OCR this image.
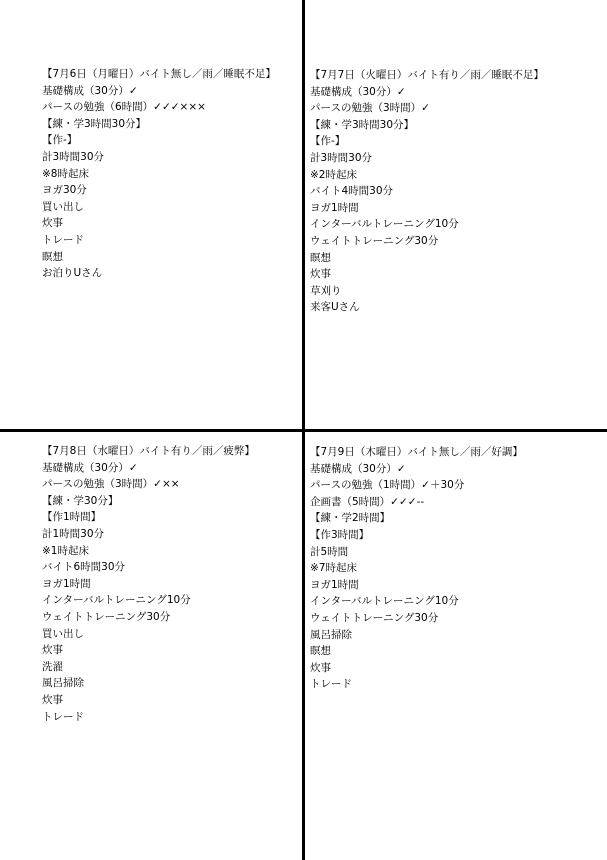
【7月6日（月曜日）バイト無し／雨／睡眠不足】
基礎構成（30分）✓
パースの勉強（6時間）✓✓✓×××
【練・学3時間30分】
【作-】
計3時間30分
※8時起床
ヨガ30分
買い出し
炊事
トレード
瞑想
お泊りUさん
【7月7日（火曜日）バイト有り／雨／睡眠不足】
基礎構成（30分）✓
パースの勉強（3時間）✓
【練・学3時間30分】
【作-】
計3時間30分
※2時起床
バイト4時間30分
ヨガ1時間
インターバルトレーニング10分
ウェイトトレーニング30分
瞑想
炊事
草刈り
来客Uさん
【7月8日（水曜日）バイト有り／雨／疲弊】
基礎構成（30分）✓
パースの勉強（3時間）✓××
【練・学30分】
【作1時間】
計1時間30分
※1時起床
バイト6時間30分
ヨガ1時間
インターバルトレーニング10分
ウェイトトレーニング30分
買い出し
炊事
洗濯
風呂掃除
炊事
トレード
【7月9日（木曜日）バイト無し／雨／好調】
基礎構成（30分）✓
パースの勉強（1時間）✓＋30分
企画書（5時間）✓✓✓--
【練・学2時間】
【作3時間】
計5時間
※7時起床
ヨガ1時間
インターバルトレーニング10分
ウェイトトレーニング30分
風呂掃除
瞑想
炊事
トレード
